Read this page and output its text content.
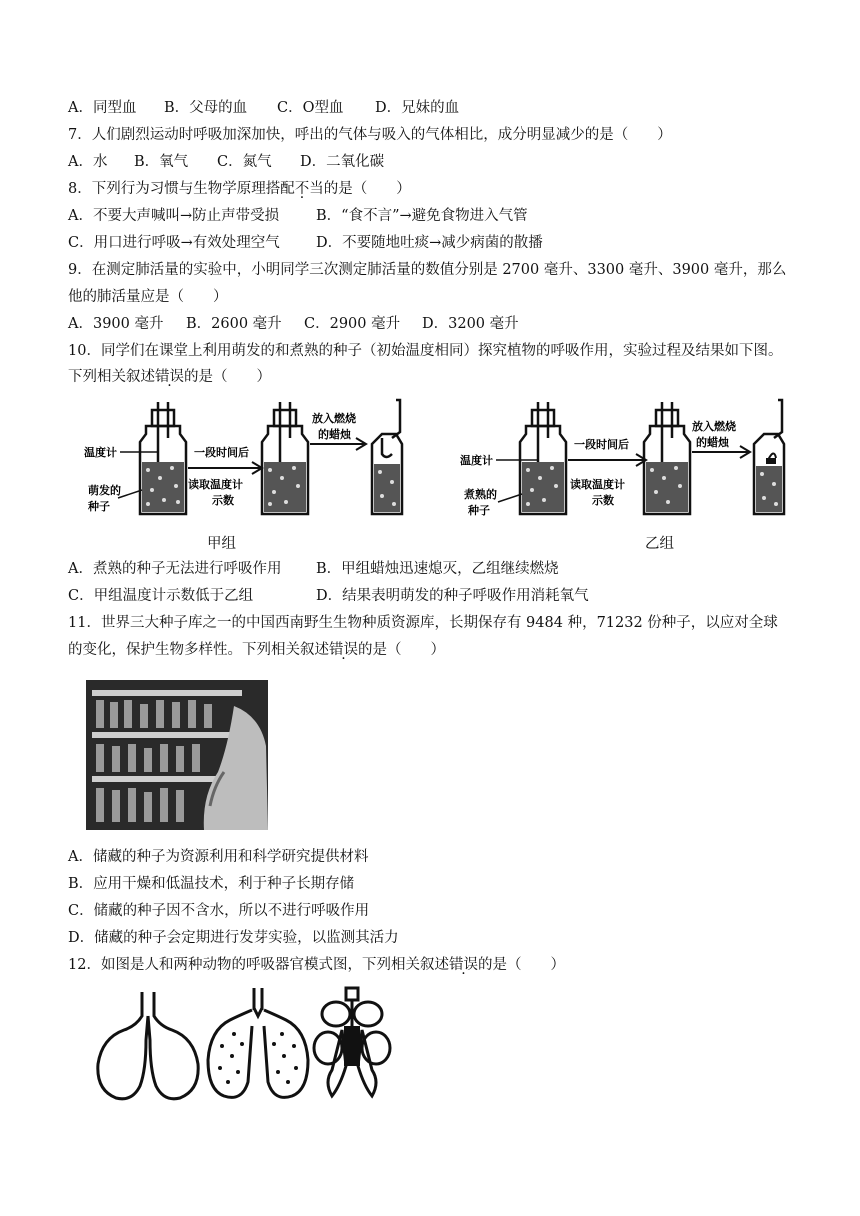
A．同型血 B．父母的血 C．O型血 D．兄妹的血
7．人们剧烈运动时呼吸加深加快，呼出的气体与吸入的气体相比，成分明显减少的是（　　）
A．水 B．氧气 C．氮气 D．二氧化碳
8．下列行为习惯与生物学原理搭配不当的是（　　）
A．不要大声喊叫→防止声带受损	B．“食不言”→避免食物进入气管
C．用口进行呼吸→有效处理空气	D．不要随地吐痰→减少病菌的散播
9．在测定肺活量的实验中，小明同学三次测定肺活量的数值分别是 2700 毫升、3300 毫升、3900 毫升，那么
他的肺活量应是（　　）
A．3900 毫升 B．2600 毫升 C．2900 毫升 D．3200 毫升
10．同学们在课堂上利用萌发的和煮熟的种子（初始温度相同）探究植物的呼吸作用，实验过程及结果如下图。
下列相关叙述错误的是（　　）
温度计
萌发的
种子
一段时间后
读取温度计
示数
放入燃烧
的蜡烛
甲组
温度计
煮熟的
种子
一段时间后
读取温度计
示数
放入燃烧
的蜡烛
乙组
A．煮熟的种子无法进行呼吸作用 B．甲组蜡烛迅速熄灭，乙组继续燃烧
C．甲组温度计示数低于乙组	D．结果表明萌发的种子呼吸作用消耗氧气
11．世界三大种子库之一的中国西南野生生物种质资源库，长期保存有 9484 种，71232 份种子，以应对全球
的变化，保护生物多样性。下列相关叙述错误的是（　　）
A．储藏的种子为资源利用和科学研究提供材料
B．应用干燥和低温技术，利于种子长期存储
C．储藏的种子因不含水，所以不进行呼吸作用
D．储藏的种子会定期进行发芽实验，以监测其活力
12．如图是人和两种动物的呼吸器官模式图，下列相关叙述错误的是（　　）
